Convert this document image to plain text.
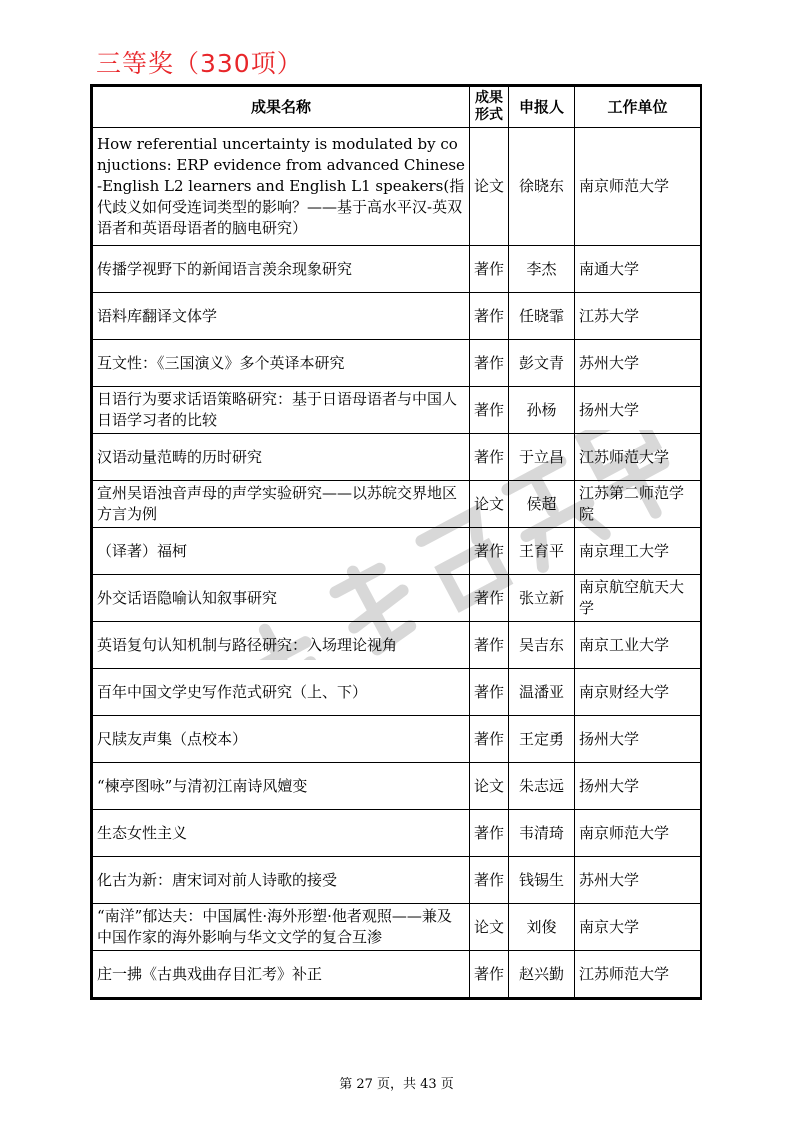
三等奖（330项）
成果名称	成果形式	申报人	工作单位
How referential uncertainty is modulated by conjuctions: ERP evidence from advanced Chinese-English L2 learners and English L1 speakers(指代歧义如何受连词类型的影响？——基于高水平汉-英双语者和英语母语者的脑电研究）	论文	徐晓东	南京师范大学
传播学视野下的新闻语言羡余现象研究	著作	李杰	南通大学
语料库翻译文体学	著作	任晓霏	江苏大学
互文性：《三国演义》多个英译本研究	著作	彭文青	苏州大学
日语行为要求话语策略研究：基于日语母语者与中国人日语学习者的比较	著作	孙杨	扬州大学
汉语动量范畴的历时研究	著作	于立昌	江苏师范大学
宣州吴语浊音声母的声学实验研究——以苏皖交界地区方言为例	论文	侯超	江苏第二师范学院
（译著）福柯	著作	王育平	南京理工大学
外交话语隐喻认知叙事研究	著作	张立新	南京航空航天大学
英语复句认知机制与路径研究：入场理论视角	著作	吴吉东	南京工业大学
百年中国文学史写作范式研究（上、下）	著作	温潘亚	南京财经大学
尺牍友声集（点校本）	著作	王定勇	扬州大学
“楝亭图咏”与清初江南诗风嬗变	论文	朱志远	扬州大学
生态女性主义	著作	韦清琦	南京师范大学
化古为新：唐宋词对前人诗歌的接受	著作	钱锡生	苏州大学
“南洋”郁达夫：中国属性·海外形塑·他者观照——兼及中国作家的海外影响与华文文学的复合互渗	论文	刘俊	南京大学
庄一拂《古典戏曲存目汇考》补正	著作	赵兴勤	江苏师范大学
第 27 页，共 43 页
